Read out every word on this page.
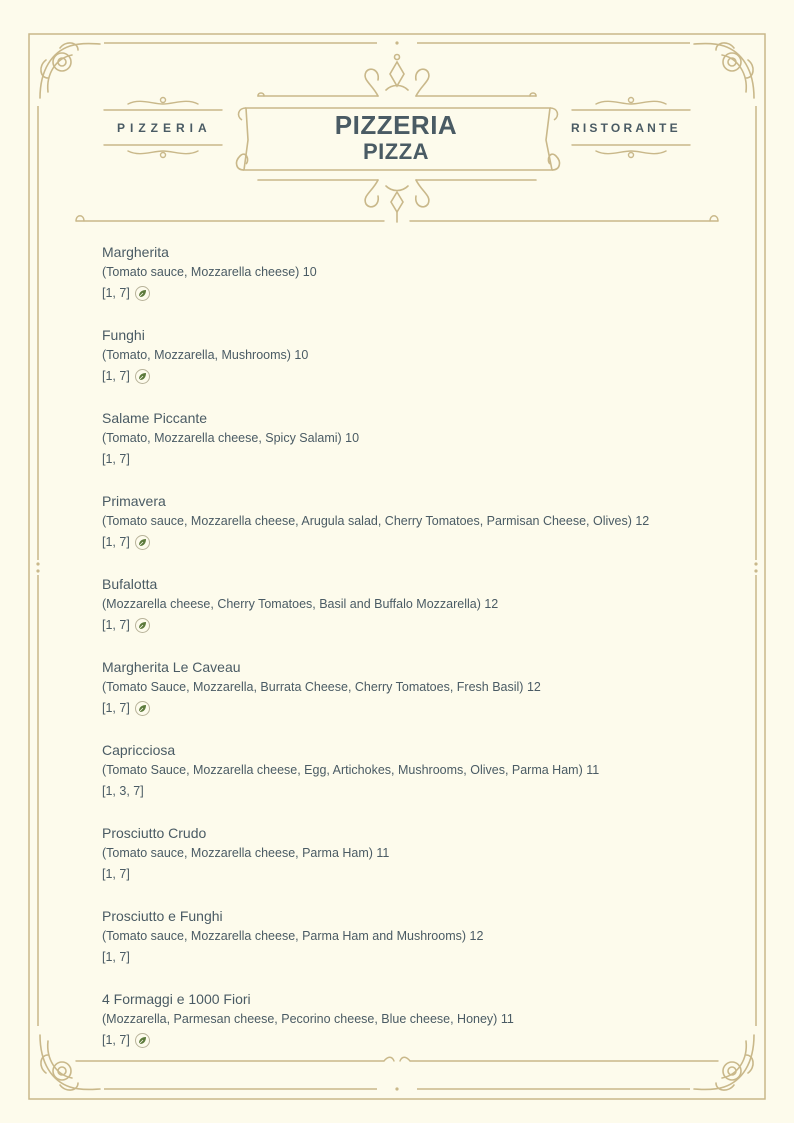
PIZZERIA	RISTORANTE
PIZZERIA
PIZZA
Margherita
(Tomato sauce, Mozzarella cheese) 10
[1, 7]
Funghi
(Tomato, Mozzarella, Mushrooms) 10
[1, 7]
Salame Piccante
(Tomato, Mozzarella cheese, Spicy Salami) 10
[1, 7]
Primavera
(Tomato sauce, Mozzarella cheese, Arugula salad, Cherry Tomatoes, Parmisan Cheese, Olives) 12
[1, 7]
Bufalotta
(Mozzarella cheese, Cherry Tomatoes, Basil and Buffalo Mozzarella) 12
[1, 7]
Margherita Le Caveau
(Tomato Sauce, Mozzarella, Burrata Cheese, Cherry Tomatoes, Fresh Basil) 12
[1, 7]
Capricciosa
(Tomato Sauce, Mozzarella cheese, Egg, Artichokes, Mushrooms, Olives, Parma Ham) 11
[1, 3, 7]
Prosciutto Crudo
(Tomato sauce, Mozzarella cheese, Parma Ham) 11
[1, 7]
Prosciutto e Funghi
(Tomato sauce, Mozzarella cheese, Parma Ham and Mushrooms) 12
[1, 7]
4 Formaggi e 1000 Fiori
(Mozzarella, Parmesan cheese, Pecorino cheese, Blue cheese, Honey) 11
[1, 7]
